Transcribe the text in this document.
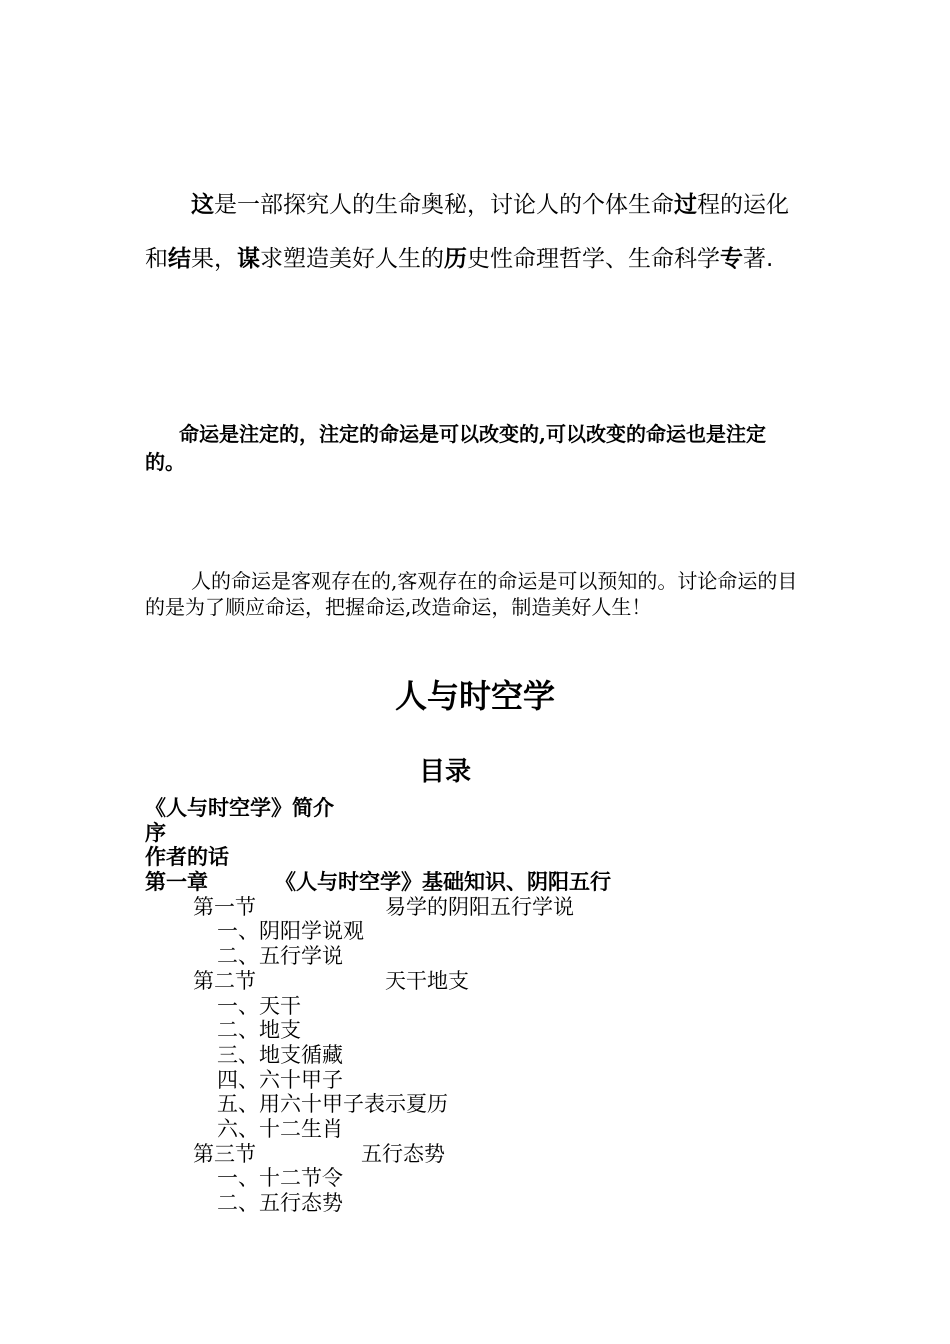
这是一部探究人的生命奥秘，讨论人的个体生命过程的运化和结果，谋求塑造美好人生的历史性命理哲学、生命科学专著.
命运是注定的，注定的命运是可以改变的,可以改变的命运也是注定的。
人的命运是客观存在的,客观存在的命运是可以预知的。讨论命运的目的是为了顺应命运，把握命运,改造命运，制造美好人生！
人与时空学
目录
《人与时空学》简介
序
作者的话
第一章	《人与时空学》基础知识、阴阳五行
第一节	易学的阴阳五行学说
一、阴阳学说观
二、五行学说
第二节	天干地支
一、天干
二、地支
三、地支循藏
四、六十甲子
五、用六十甲子表示夏历
六、十二生肖
第三节	五行态势
一、十二节令
二、五行态势
